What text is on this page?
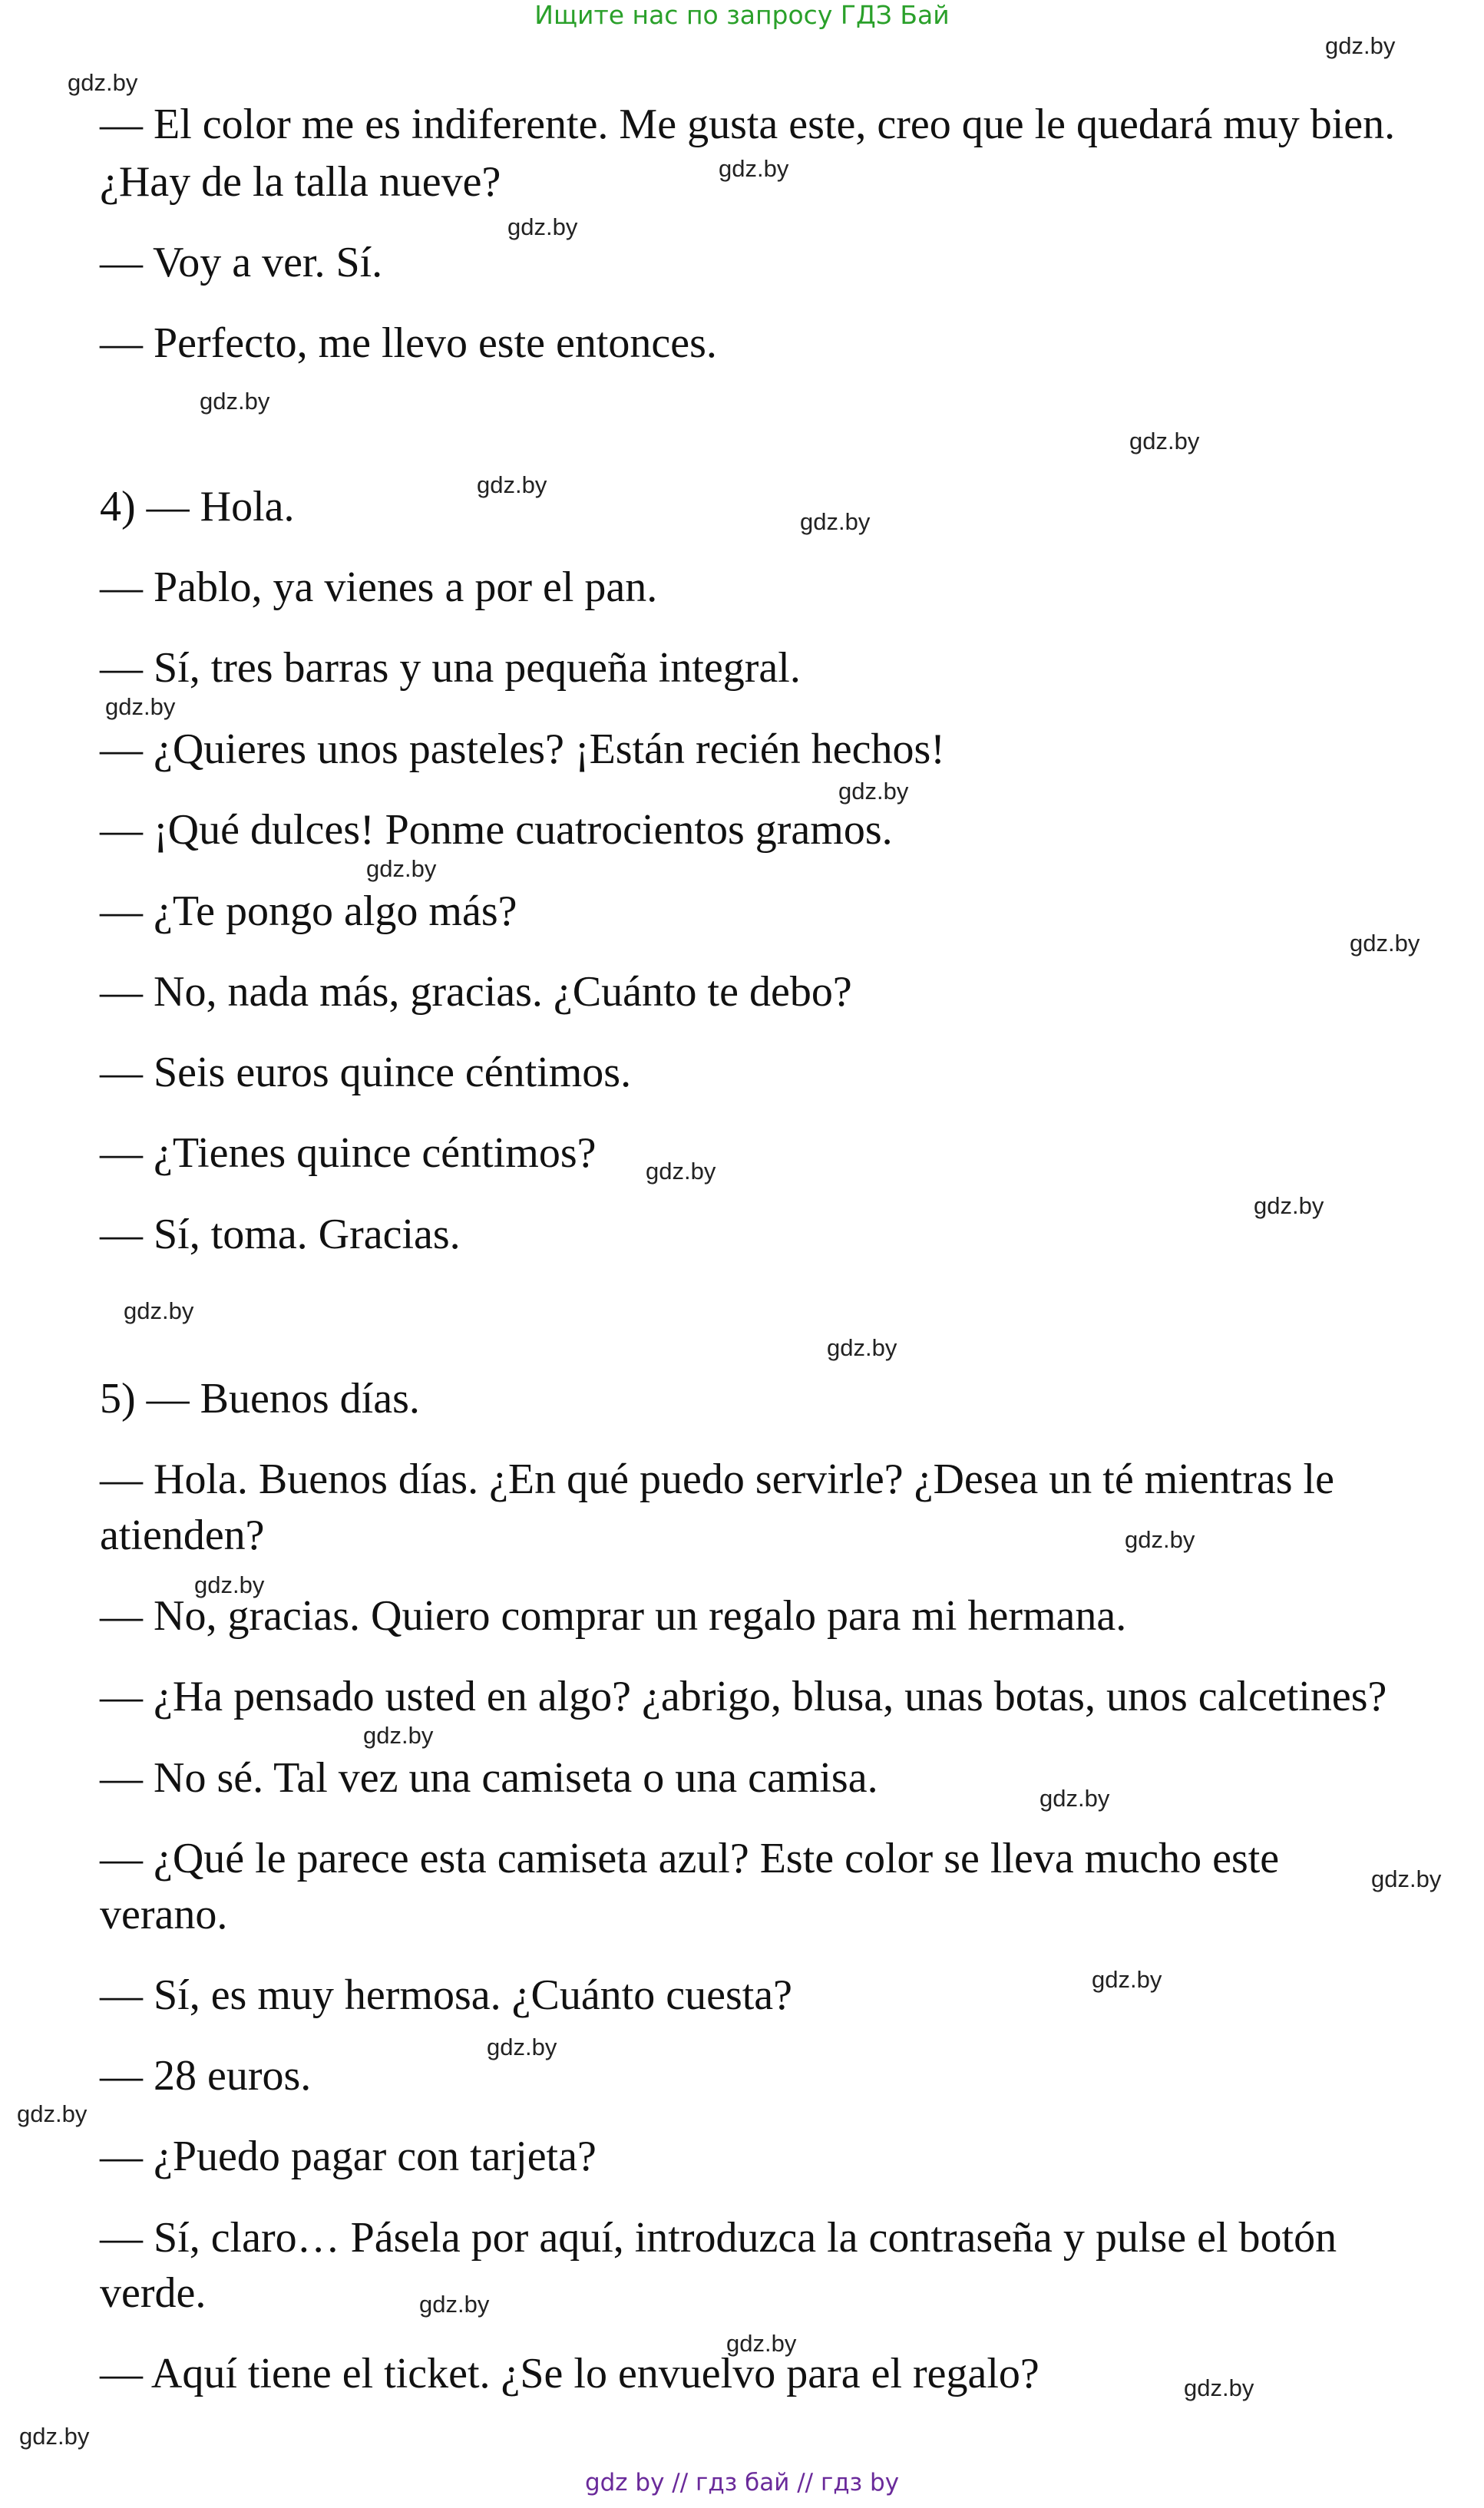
Ищите нас по запросу ГДЗ Бай
— El color me es indiferente. Me gusta este, creo que le quedará muy bien.
¿Hay de la talla nueve?
— Voy a ver. Sí.
— Perfecto, me llevo este entonces.
4) — Hola.
— Pablo, ya vienes a por el pan.
— Sí, tres barras y una pequeña integral.
— ¿Quieres unos pasteles? ¡Están recién hechos!
— ¡Qué dulces! Ponme cuatrocientos gramos.
— ¿Te pongo algo más?
— No, nada más, gracias. ¿Cuánto te debo?
— Seis euros quince céntimos.
— ¿Tienes quince céntimos?
— Sí, toma. Gracias.
5) — Buenos días.
— Hola. Buenos días. ¿En qué puedo servirle? ¿Desea un té mientras le
atienden?
— No, gracias. Quiero comprar un regalo para mi hermana.
— ¿Ha pensado usted en algo? ¿abrigo, blusa, unas botas, unos calcetines?
— No sé. Tal vez una camiseta o una camisa.
— ¿Qué le parece esta camiseta azul? Este color se lleva mucho este
verano.
— Sí, es muy hermosa. ¿Cuánto cuesta?
— 28 euros.
— ¿Puedo pagar con tarjeta?
— Sí, claro… Pásela por aquí, introduzca la contraseña y pulse el botón
verde.
— Aquí tiene el ticket. ¿Se lo envuelvo para el regalo?
gdz.by
gdz.by
gdz.by
gdz.by
gdz.by
gdz.by
gdz.by
gdz.by
gdz.by
gdz.by
gdz.by
gdz.by
gdz.by
gdz.by
gdz.by
gdz.by
gdz.by
gdz.by
gdz.by
gdz.by
gdz.by
gdz.by
gdz.by
gdz.by
gdz.by
gdz.by
gdz.by
gdz.by
gdz by // гдз бай // гдз by
